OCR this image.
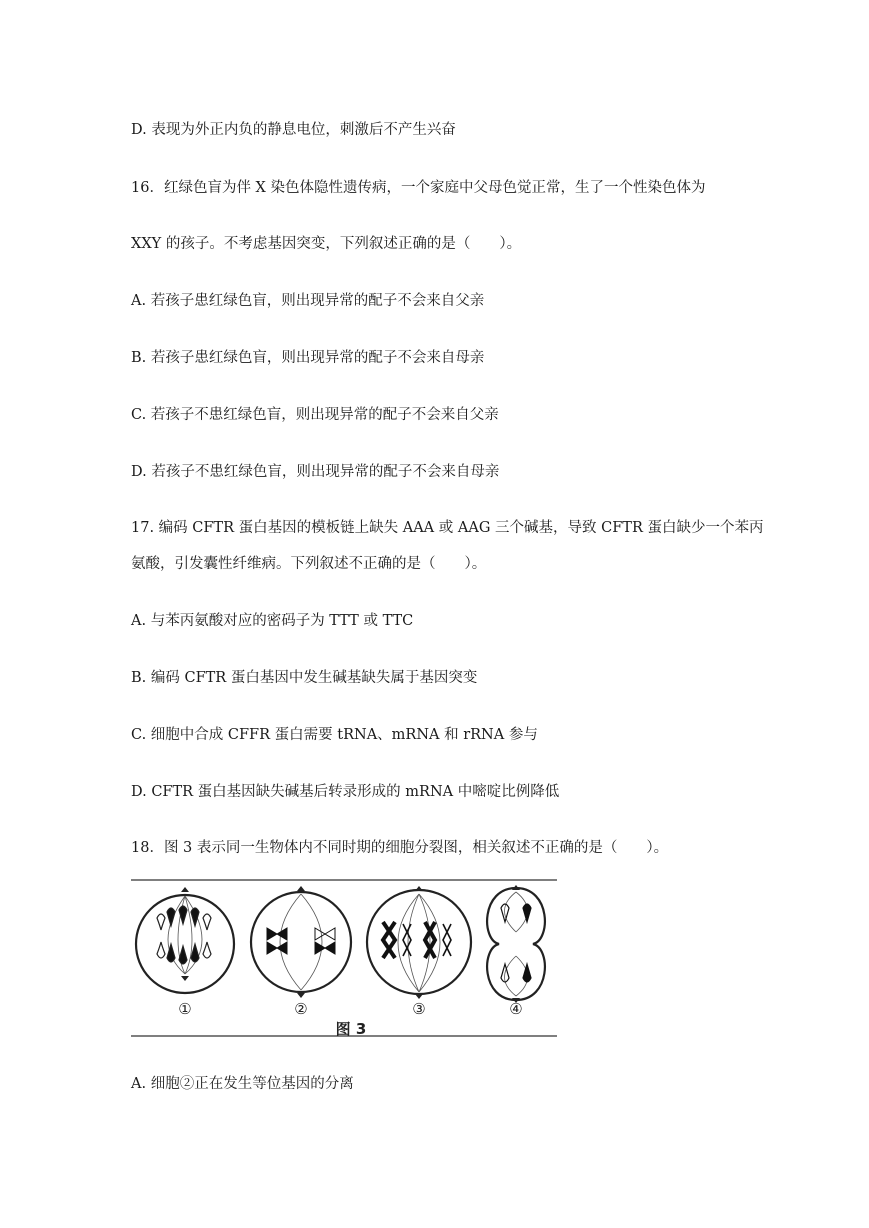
D. 表现为外正内负的静息电位，刺激后不产生兴奋

16．红绿色盲为伴 X 染色体隐性遗传病，一个家庭中父母色觉正常，生了一个性染色体为

XXY 的孩子。不考虑基因突变，下列叙述正确的是（　　）。

A. 若孩子患红绿色盲，则出现异常的配子不会来自父亲

B. 若孩子患红绿色盲，则出现异常的配子不会来自母亲

C. 若孩子不患红绿色盲，则出现异常的配子不会来自父亲

D. 若孩子不患红绿色盲，则出现异常的配子不会来自母亲

17. 编码 CFTR 蛋白基因的模板链上缺失 AAA 或 AAG 三个碱基，导致 CFTR 蛋白缺少一个苯丙

氨酸，引发囊性纤维病。下列叙述不正确的是（　　）。

A. 与苯丙氨酸对应的密码子为 TTT 或 TTC

B. 编码 CFTR 蛋白基因中发生碱基缺失属于基因突变

C. 细胞中合成 CFFR 蛋白需要 tRNA、mRNA 和 rRNA 参与

D. CFTR 蛋白基因缺失碱基后转录形成的 mRNA 中嘧啶比例降低

18．图 3 表示同一生物体内不同时期的细胞分裂图，相关叙述不正确的是（　　）。

①	②	③	④
图 3

A. 细胞②正在发生等位基因的分离
